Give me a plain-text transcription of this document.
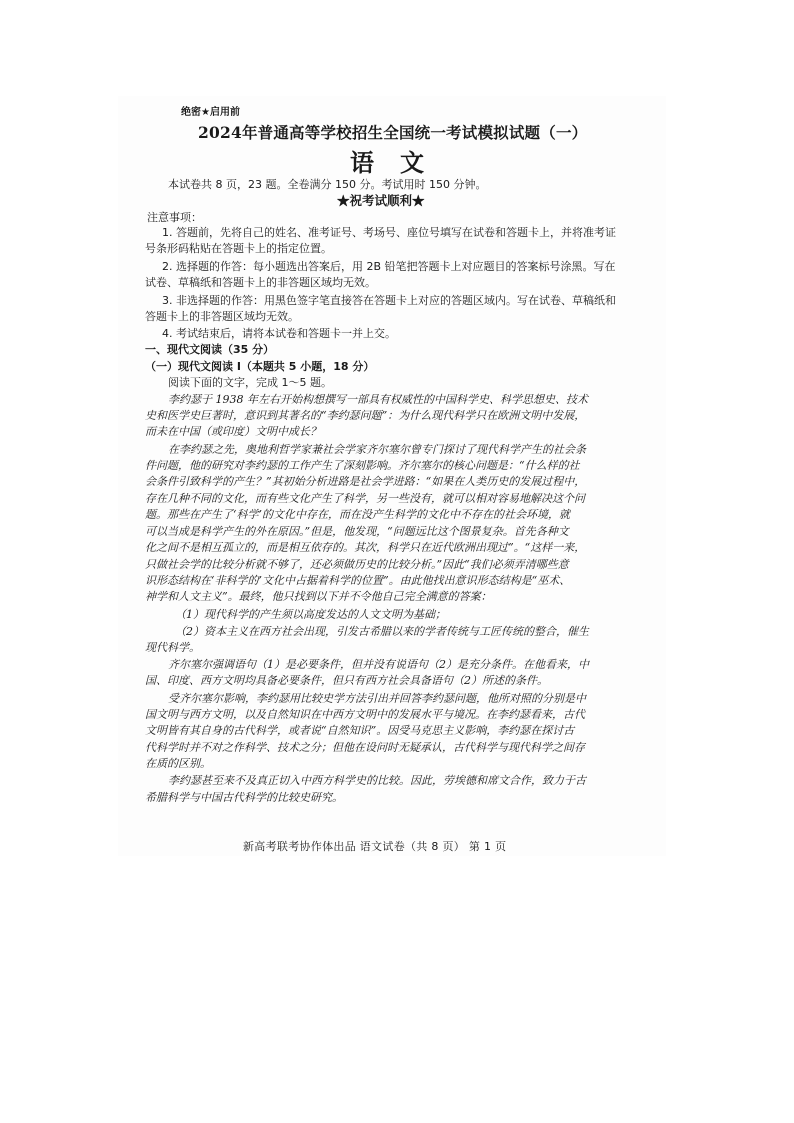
绝密★启用前
2024年普通高等学校招生全国统一考试模拟试题（一）
语文
本试卷共 8 页，23 题。全卷满分 150 分。考试用时 150 分钟。
★祝考试顺利★
注意事项：
1. 答题前，先将自己的姓名、准考证号、考场号、座位号填写在试卷和答题卡上，并将准考证
号条形码粘贴在答题卡上的指定位置。
2. 选择题的作答：每小题选出答案后，用 2B 铅笔把答题卡上对应题目的答案标号涂黑。写在
试卷、草稿纸和答题卡上的非答题区域均无效。
3. 非选择题的作答：用黑色签字笔直接答在答题卡上对应的答题区域内。写在试卷、草稿纸和
答题卡上的非答题区域均无效。
4. 考试结束后，请将本试卷和答题卡一并上交。
一、现代文阅读（35 分）
（一）现代文阅读 I（本题共 5 小题，18 分）
阅读下面的文字，完成 1～5 题。
李约瑟于 1938 年左右开始构想撰写一部具有权威性的中国科学史、科学思想史、技术
史和医学史巨著时，意识到其著名的“李约瑟问题”：为什么现代科学只在欧洲文明中发展，
而未在中国（或印度）文明中成长？
在李约瑟之先，奥地利哲学家兼社会学家齐尔塞尔曾专门探讨了现代科学产生的社会条
件问题，他的研究对李约瑟的工作产生了深刻影响。齐尔塞尔的核心问题是：“什么样的社
会条件引致科学的产生？”其初始分析进路是社会学进路：“如果在人类历史的发展过程中，
存在几种不同的文化，而有些文化产生了科学，另一些没有，就可以相对容易地解决这个问
题。那些在产生了‘科学’的文化中存在，而在没产生科学的文化中不存在的社会环境，就
可以当成是科学产生的外在原因。”但是，他发现，“问题远比这个图景复杂。首先各种文
化之间不是相互孤立的，而是相互依存的。其次，科学只在近代欧洲出现过”。“这样一来，
只做社会学的比较分析就不够了，还必须做历史的比较分析。”因此“我们必须弄清哪些意
识形态结构在‘非科学的’文化中占据着科学的位置”。由此他找出意识形态结构是“巫术、
神学和人文主义”。最终，他只找到以下并不令他自己完全满意的答案：
（1）现代科学的产生须以高度发达的人文文明为基础；
（2）资本主义在西方社会出现，引发古希腊以来的学者传统与工匠传统的整合，催生
现代科学。
齐尔塞尔强调语句（1）是必要条件，但并没有说语句（2）是充分条件。在他看来，中
国、印度、西方文明均具备必要条件，但只有西方社会具备语句（2）所述的条件。
受齐尔塞尔影响，李约瑟用比较史学方法引出并回答李约瑟问题，他所对照的分别是中
国文明与西方文明，以及自然知识在中西方文明中的发展水平与境况。在李约瑟看来，古代
文明皆有其自身的古代科学，或者说“自然知识”。因受马克思主义影响，李约瑟在探讨古
代科学时并不对之作科学、技术之分；但他在设问时无疑承认，古代科学与现代科学之间存
在质的区别。
李约瑟甚至来不及真正切入中西方科学史的比较。因此，劳埃德和席文合作，致力于古
希腊科学与中国古代科学的比较史研究。
新高考联考协作体出品 语文试卷（共 8 页） 第 1 页
